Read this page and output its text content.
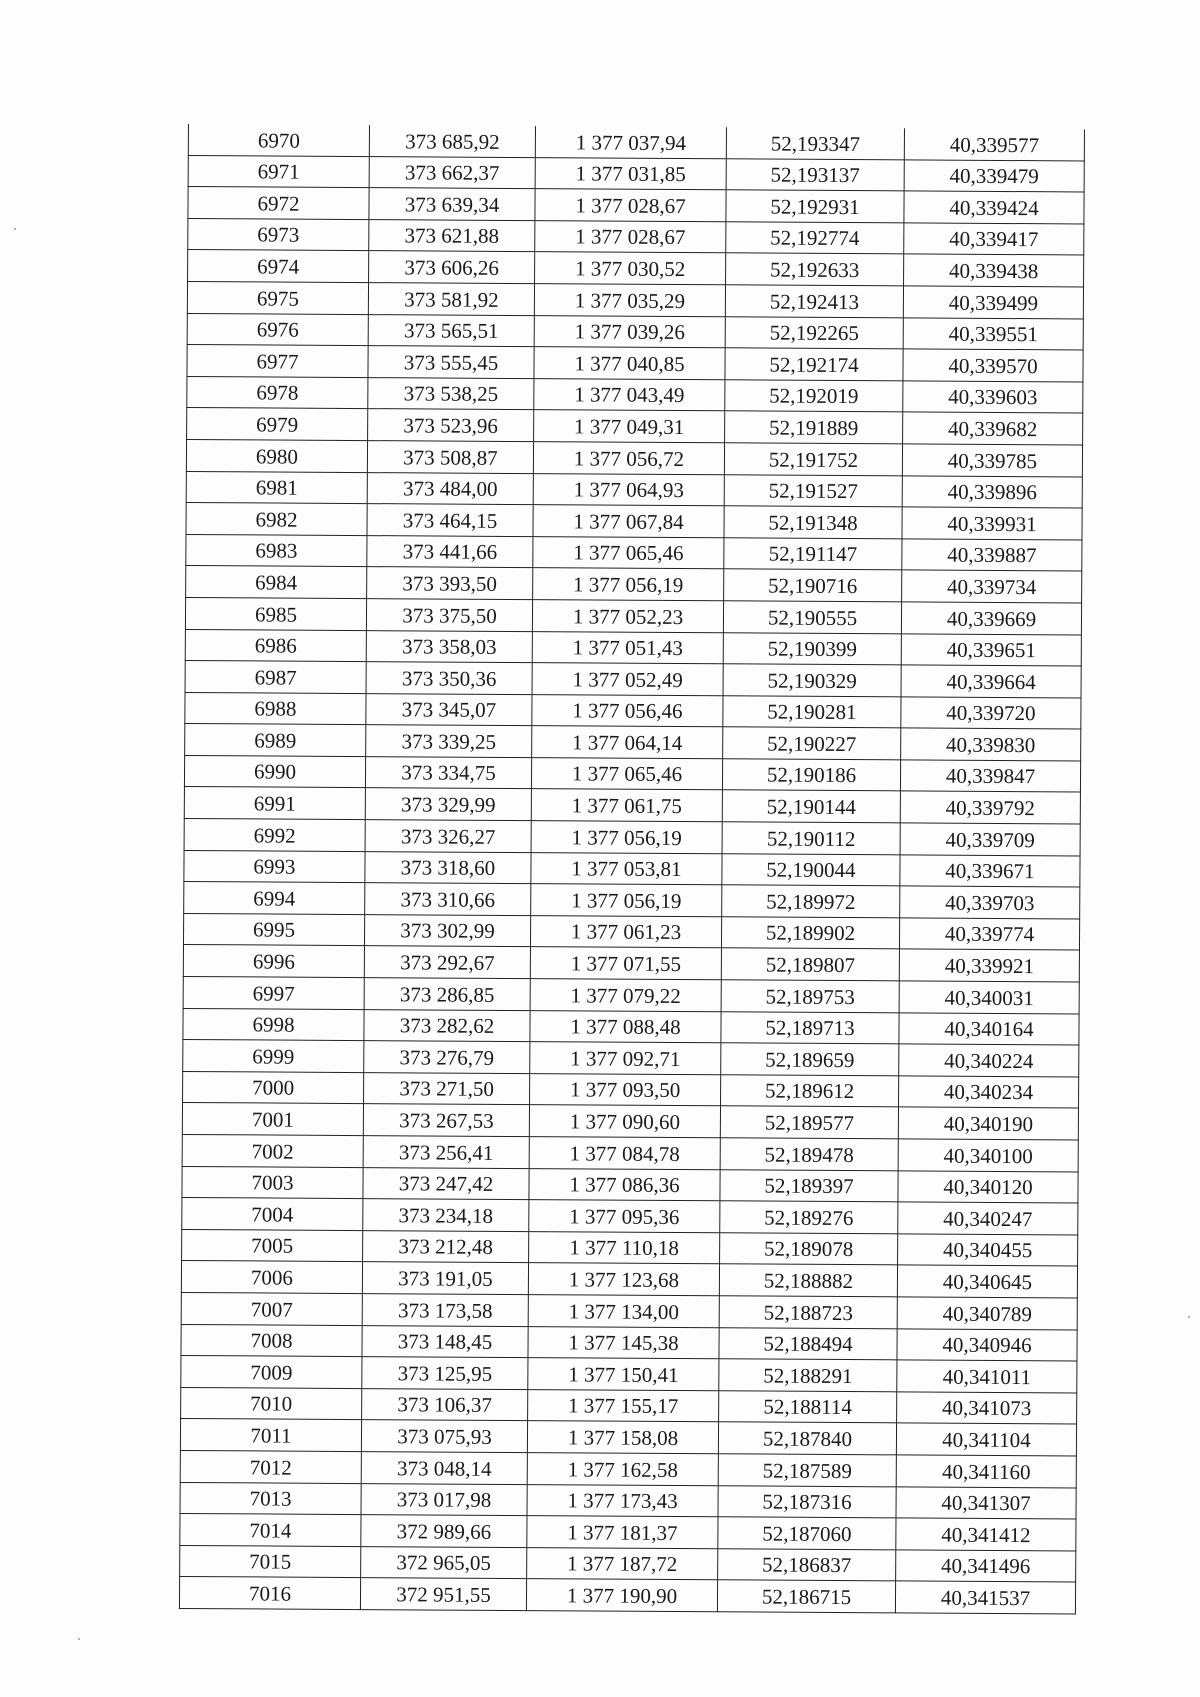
6970	373 685,92	1 377 037,94	52,193347	40,339577
6971	373 662,37	1 377 031,85	52,193137	40,339479
6972	373 639,34	1 377 028,67	52,192931	40,339424
6973	373 621,88	1 377 028,67	52,192774	40,339417
6974	373 606,26	1 377 030,52	52,192633	40,339438
6975	373 581,92	1 377 035,29	52,192413	40,339499
6976	373 565,51	1 377 039,26	52,192265	40,339551
6977	373 555,45	1 377 040,85	52,192174	40,339570
6978	373 538,25	1 377 043,49	52,192019	40,339603
6979	373 523,96	1 377 049,31	52,191889	40,339682
6980	373 508,87	1 377 056,72	52,191752	40,339785
6981	373 484,00	1 377 064,93	52,191527	40,339896
6982	373 464,15	1 377 067,84	52,191348	40,339931
6983	373 441,66	1 377 065,46	52,191147	40,339887
6984	373 393,50	1 377 056,19	52,190716	40,339734
6985	373 375,50	1 377 052,23	52,190555	40,339669
6986	373 358,03	1 377 051,43	52,190399	40,339651
6987	373 350,36	1 377 052,49	52,190329	40,339664
6988	373 345,07	1 377 056,46	52,190281	40,339720
6989	373 339,25	1 377 064,14	52,190227	40,339830
6990	373 334,75	1 377 065,46	52,190186	40,339847
6991	373 329,99	1 377 061,75	52,190144	40,339792
6992	373 326,27	1 377 056,19	52,190112	40,339709
6993	373 318,60	1 377 053,81	52,190044	40,339671
6994	373 310,66	1 377 056,19	52,189972	40,339703
6995	373 302,99	1 377 061,23	52,189902	40,339774
6996	373 292,67	1 377 071,55	52,189807	40,339921
6997	373 286,85	1 377 079,22	52,189753	40,340031
6998	373 282,62	1 377 088,48	52,189713	40,340164
6999	373 276,79	1 377 092,71	52,189659	40,340224
7000	373 271,50	1 377 093,50	52,189612	40,340234
7001	373 267,53	1 377 090,60	52,189577	40,340190
7002	373 256,41	1 377 084,78	52,189478	40,340100
7003	373 247,42	1 377 086,36	52,189397	40,340120
7004	373 234,18	1 377 095,36	52,189276	40,340247
7005	373 212,48	1 377 110,18	52,189078	40,340455
7006	373 191,05	1 377 123,68	52,188882	40,340645
7007	373 173,58	1 377 134,00	52,188723	40,340789
7008	373 148,45	1 377 145,38	52,188494	40,340946
7009	373 125,95	1 377 150,41	52,188291	40,341011
7010	373 106,37	1 377 155,17	52,188114	40,341073
7011	373 075,93	1 377 158,08	52,187840	40,341104
7012	373 048,14	1 377 162,58	52,187589	40,341160
7013	373 017,98	1 377 173,43	52,187316	40,341307
7014	372 989,66	1 377 181,37	52,187060	40,341412
7015	372 965,05	1 377 187,72	52,186837	40,341496
7016	372 951,55	1 377 190,90	52,186715	40,341537
